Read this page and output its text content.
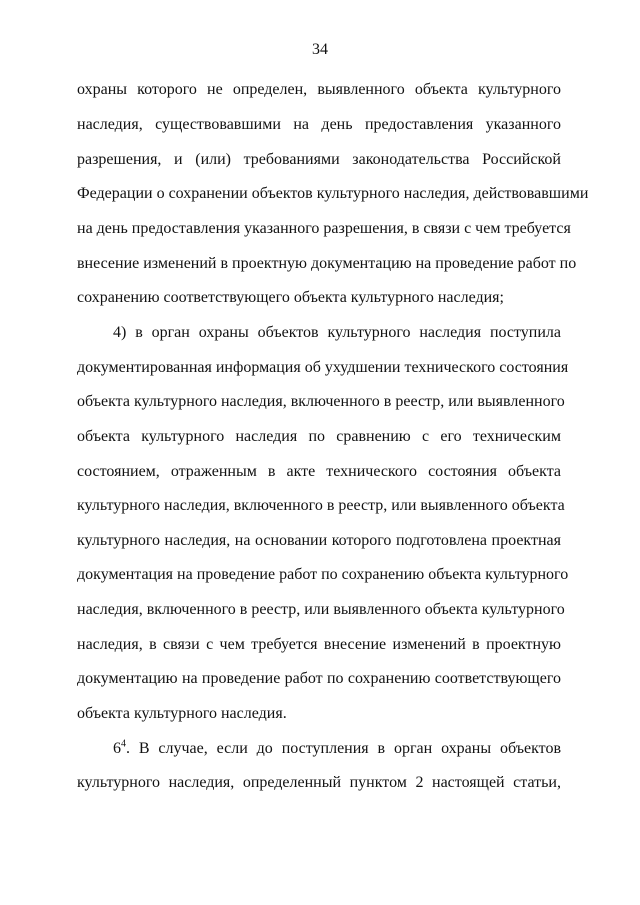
34
охраны которого не определен, выявленного объекта культурного
наследия, существовавшими на день предоставления указанного
разрешения, и (или) требованиями законодательства Российской
Федерации о сохранении объектов культурного наследия, действовавшими
на день предоставления указанного разрешения, в связи с чем требуется
внесение изменений в проектную документацию на проведение работ по
сохранению соответствующего объекта культурного наследия;
4) в орган охраны объектов культурного наследия поступила
документированная информация об ухудшении технического состояния
объекта культурного наследия, включенного в реестр, или выявленного
объекта культурного наследия по сравнению с его техническим
состоянием, отраженным в акте технического состояния объекта
культурного наследия, включенного в реестр, или выявленного объекта
культурного наследия, на основании которого подготовлена проектная
документация на проведение работ по сохранению объекта культурного
наследия, включенного в реестр, или выявленного объекта культурного
наследия, в связи с чем требуется внесение изменений в проектную
документацию на проведение работ по сохранению соответствующего
объекта культурного наследия.
$6^4$. В случае, если до поступления в орган охраны объектов
культурного наследия, определенный пунктом 2 настоящей статьи,
